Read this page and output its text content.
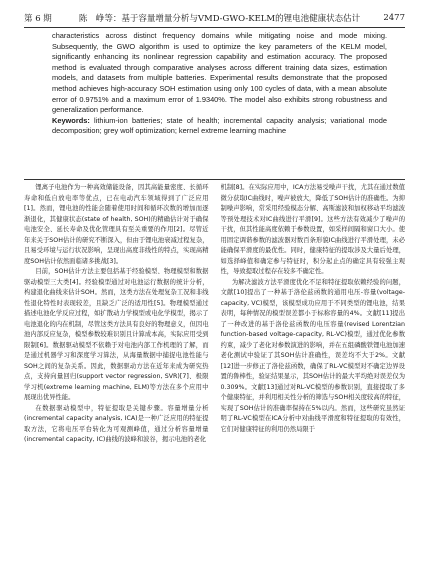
第 6 期	陈　峥等：基于容量增量分析与VMD-GWO-KELM的锂电池健康状态估计	2477

characteristics across distinct frequency domains while mitigating noise and mode mixing. Subsequently, the GWO algorithm is used to optimize the key parameters of the KELM model, significantly enhancing its nonlinear regression capability and estimation accuracy. The proposed method is evaluated through comparative analyses across different training data sizes, estimation models, and datasets from multiple batteries. Experimental results demonstrate that the proposed method achieves high-accuracy SOH estimation using only 100 cycles of data, with a mean absolute error of 0.9751% and a maximum error of 1.9340%. The model also exhibits strong robustness and generalization performance.

Keywords: lithium-ion batteries; state of health; incremental capacity analysis; variational mode decomposition; grey wolf optimization; kernel extreme learning machine

锂离子电池作为一种高效储能设备，因其高能量密度、长循环寿命和低自放电率等优点，已在电动汽车领域得到了广泛应用[1]。然而，锂电池的性能会随着使用时间和循环次数的增加而逐渐退化，其健康状态(state of health, SOH)的精确估计对于确保电池安全、延长寿命及优化管理具有至关重要的作用[2]。尽管近年来关于SOH估计的研究不断深入，但由于锂电池衰减过程复杂，且易受环境与运行状况影响，呈现出高度非线性的特点，实现高精度SOH估计依然面临诸多挑战[3]。

目前，SOH估计方法主要包括基于经验模型、物理模型和数据驱动模型三大类[4]。经验模型通过对电池运行数据的统计分析，构建退化曲线来估计SOH。然而，这类方法在处理复杂工况和非线性退化特性时表现较差，且缺乏广泛的适用性[5]。物理模型通过描述电池化学反应过程，如扩散动力学模型或电化学模型，揭示了电池退化的内在机制，尽管这类方法具有良好的物理意义，但因电池内部反应复杂，模型参数较难识别且计算成本高，实际应用受到限制[6]。数据驱动模型不依赖于对电池内部工作机理的了解，而是通过机器学习和深度学习算法，从海量数据中捕捉电池性能与SOH之间的复杂关系。因此，数据驱动方法在近年来成为研究热点，支持向量回归(support vector regression, SVR)[7]、极限学习机(extreme learning machine, ELM)等方法在多个应用中展现出优异性能。

在数据驱动模型中，特征提取是关键步骤。容量增量分析(incremental capacity analysis, ICA)是一种广泛应用的特征提取方法，它将电压平台转化为可观测峰值，通过分析容量增量(incremental capacity, IC)曲线的波峰和波谷，揭示电池的老化

机制[8]。在实际应用中，ICA方法易受噪声干扰，尤其在通过数值微分获取IC曲线时，噪声被放大，降低了SOH估计的准确性。为抑制噪声影响，常采用经验模态分解、高斯滤波和加权移动平均滤波等预处理技术对IC曲线进行平滑[9]。这些方法有效减少了噪声的干扰，但其性能高度依赖于参数设置，如采样间隔和窗口大小。使用固定调谐参数的滤波器对数百条形貌IC曲线进行平滑处理，未必能确保平滑度的最优性。同时，健康特征的提取涉及大量后处理，如选择峰值和确定参与特征时，积分起止点的确定具有较强主观性，导致提取过程存在较多不确定性。

为解决滤波方法平滑度优化不足和特征提取依赖经验的问题，文献[10]提出了一种基于洛伦兹函数的通用电压-容量(voltage-capacity, VC)模型，该模型成功应用于不同类型的锂电池，结果表明，每种情况的模型误差都小于标称容量的4%。文献[11]提出了一种改进的基于洛伦兹函数的电压容量(revised Lorentzian function-based voltage-capacity, RL-VC)模型，通过优化参数约束，减少了老化对参数演进的影响，并在五组磷酸铁锂电池加速老化测试中验证了其SOH估计准确性，误差均不大于2%。文献[12]进一步修正了洛伦兹函数，确保了RL-VC模型对不确定边界设置的鲁棒性，验证结果显示，其SOH估计的最大平均绝对误差仅为0.309%。文献[13]通过对RL-VC模型的参数识别，直接提取了多个健康特征，并利用相关性分析的筛选与SOH相关度较高的特征，实现了SOH估计的准确率保持在5%以内。然而，这些研究虽然证明了RL-VC模型在ICA分析中对曲线平滑度和特征提取的有效性，它们对健康特征的利用仍然局限于
